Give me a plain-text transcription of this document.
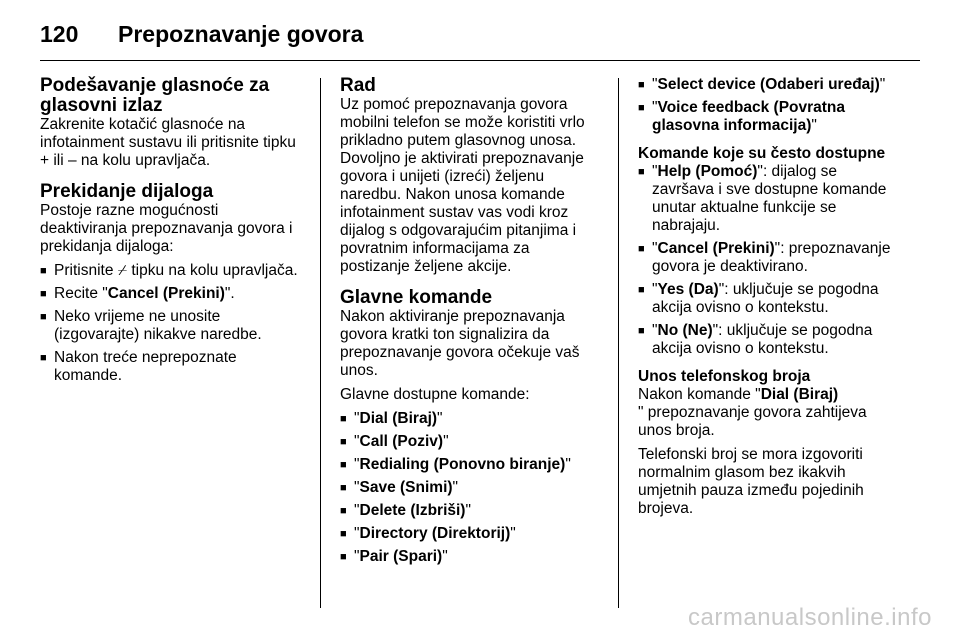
120	Prepoznavanje govora
Podešavanje glasnoće za glasovni izlaz

Zakrenite kotačić glasnoće na infotainment sustavu ili pritisnite tipku + ili – na kolu upravljača.

Prekidanje dijaloga

Postoje razne mogućnosti deaktiviranja prepoznavanja govora i prekidanja dijaloga:

■ Pritisnite ⌿ tipku na kolu upravljača.
■ Recite "Cancel (Prekini)".
■ Neko vrijeme ne unosite (izgovarajte) nikakve naredbe.
■ Nakon treće neprepoznate komande.
Rad

Uz pomoć prepoznavanja govora mobilni telefon se može koristiti vrlo prikladno putem glasovnog unosa. Dovoljno je aktivirati prepoznavanje govora i unijeti (izreći) željenu naredbu. Nakon unosa komande infotainment sustav vas vodi kroz dijalog s odgovarajućim pitanjima i povratnim informacijama za postizanje željene akcije.

Glavne komande

Nakon aktiviranje prepoznavanja govora kratki ton signalizira da prepoznavanje govora očekuje vaš unos.

Glavne dostupne komande:

■ "Dial (Biraj)"
■ "Call (Poziv)"
■ "Redialing (Ponovno biranje)"
■ "Save (Snimi)"
■ "Delete (Izbriši)"
■ "Directory (Direktorij)"
■ "Pair (Spari)"
■ "Select device (Odaberi uređaj)"
■ "Voice feedback (Povratna glasovna informacija)"
Komande koje su često dostupne
■ "Help (Pomoć)": dijalog se završava i sve dostupne komande unutar aktualne funkcije se nabrajaju.
■ "Cancel (Prekini)": prepoznavanje govora je deaktivirano.
■ "Yes (Da)": uključuje se pogodna akcija ovisno o kontekstu.
■ "No (Ne)": uključuje se pogodna akcija ovisno o kontekstu.
Unos telefonskog broja

Nakon komande "Dial (Biraj)
" prepoznavanje govora zahtijeva unos broja.

Telefonski broj se mora izgovoriti normalnim glasom bez ikakvih umjetnih pauza između pojedinih brojeva.

carmanualsonline.info
